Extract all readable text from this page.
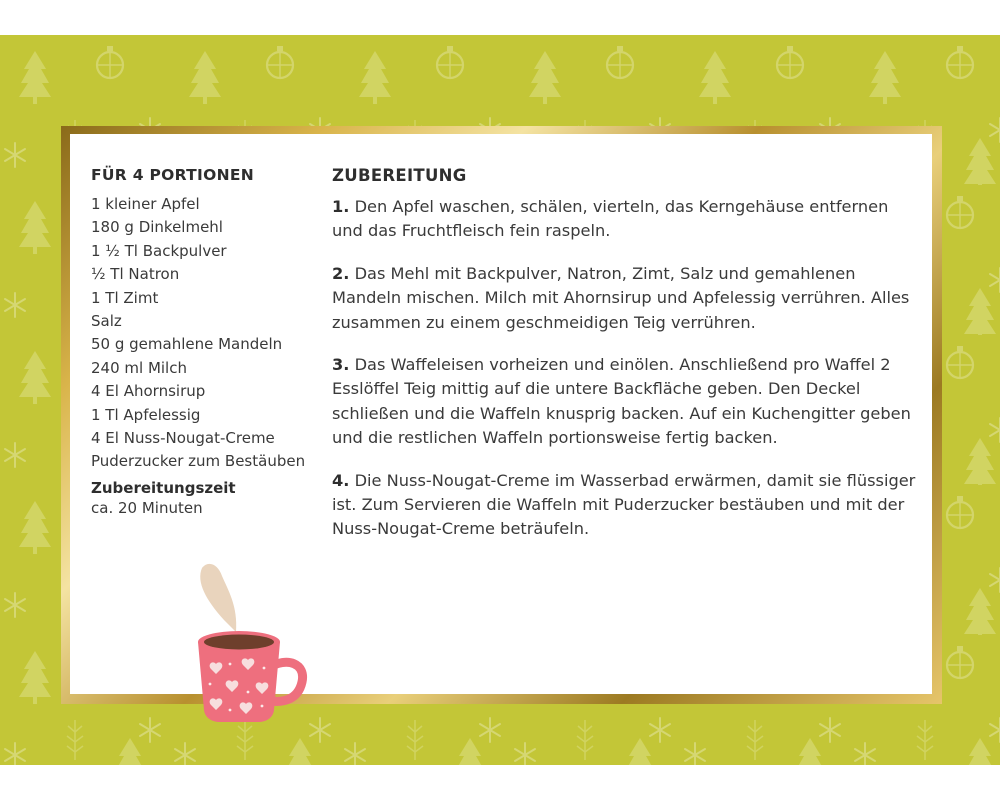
FÜR 4 PORTIONEN
1 kleiner Apfel
180 g Dinkelmehl
1 ½ Tl Backpulver
½ Tl Natron
1 Tl Zimt
Salz
50 g gemahlene Mandeln
240 ml Milch
4 El Ahornsirup
1 Tl Apfelessig
4 El Nuss-Nougat-Creme
Puderzucker zum Bestäuben
Zubereitungszeit
ca. 20 Minuten
ZUBEREITUNG
1. Den Apfel waschen, schälen, vierteln, das Kerngehäuse entfernen und das Fruchtfleisch fein raspeln.
2. Das Mehl mit Backpulver, Natron, Zimt, Salz und gemahlenen Mandeln mischen. Milch mit Ahornsirup und Apfelessig verrühren. Alles zusammen zu einem geschmeidigen Teig verrühren.
3. Das Waffeleisen vorheizen und einölen. Anschließend pro Waffel 2 Esslöffel Teig mittig auf die untere Backfläche geben. Den Deckel schließen und die Waffeln knusprig backen. Auf ein Kuchengitter geben und die restlichen Waffeln portionsweise fertig backen.
4. Die Nuss-Nougat-Creme im Wasserbad erwärmen, damit sie flüssiger ist. Zum Servieren die Waffeln mit Puderzucker bestäuben und mit der Nuss-Nougat-Creme beträufeln.
